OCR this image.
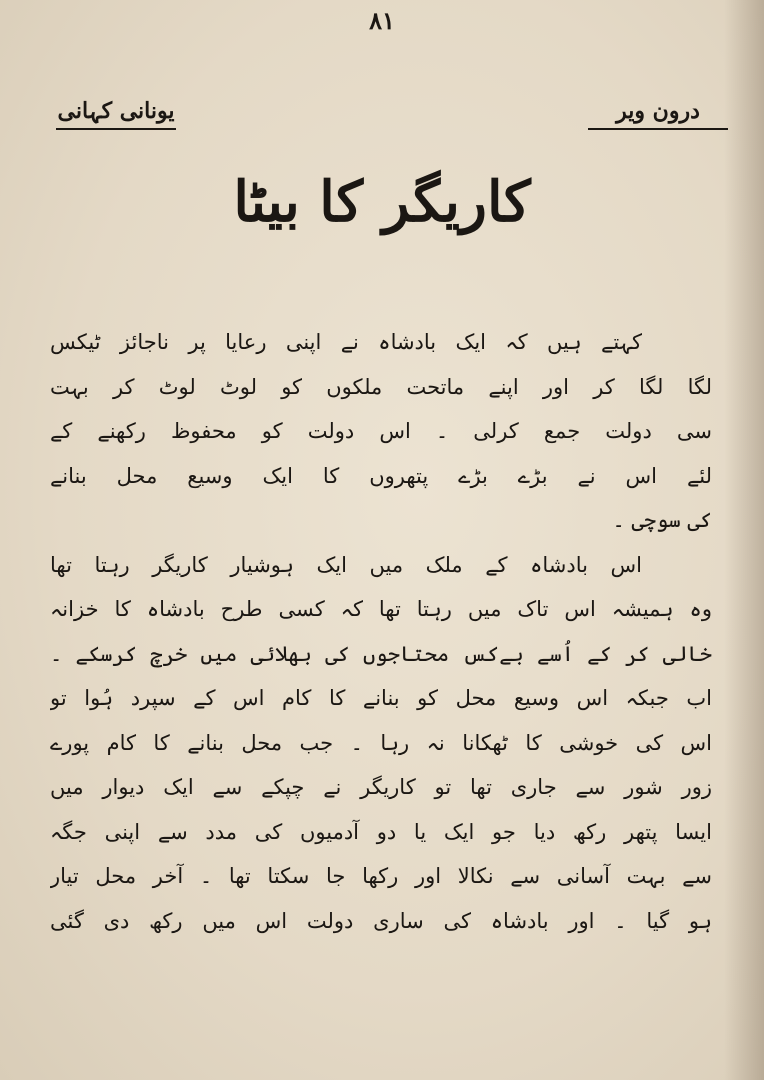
۸۱
درون ویر
یونانی کہانی
کاریگر کا بیٹا
کہتے ہیں کہ ایک بادشاہ نے اپنی رعایا پر ناجائز ٹیکس
لگا لگا کر اور اپنے ماتحت ملکوں کو لوٹ لوٹ کر بہت
سی دولت جمع کرلی ۔ اس دولت کو محفوظ رکھنے کے
لئے اس نے بڑے بڑے پتھروں کا ایک وسیع محل بنانے
کی سوچی ۔
اس بادشاہ کے ملک میں ایک ہوشیار کاریگر رہتا تھا
وہ ہمیشہ اس تاک میں رہتا تھا کہ کسی طرح بادشاہ کا خزانہ
خالی کر کے اُسے بےکس محتاجوں کی بھلائی میں خرچ کرسکے ۔
اب جبکہ اس وسیع محل کو بنانے کا کام اس کے سپرد ہُوا تو
اس کی خوشی کا ٹھکانا نہ رہا ۔ جب محل بنانے کا کام پورے
زور شور سے جاری تھا تو کاریگر نے چپکے سے ایک دیوار میں
ایسا پتھر رکھ دیا جو ایک یا دو آدمیوں کی مدد سے اپنی جگہ
سے بہت آسانی سے نکالا اور رکھا جا سکتا تھا ۔ آخر محل تیار
ہو گیا ۔ اور بادشاہ کی ساری دولت اس میں رکھ دی گئی
